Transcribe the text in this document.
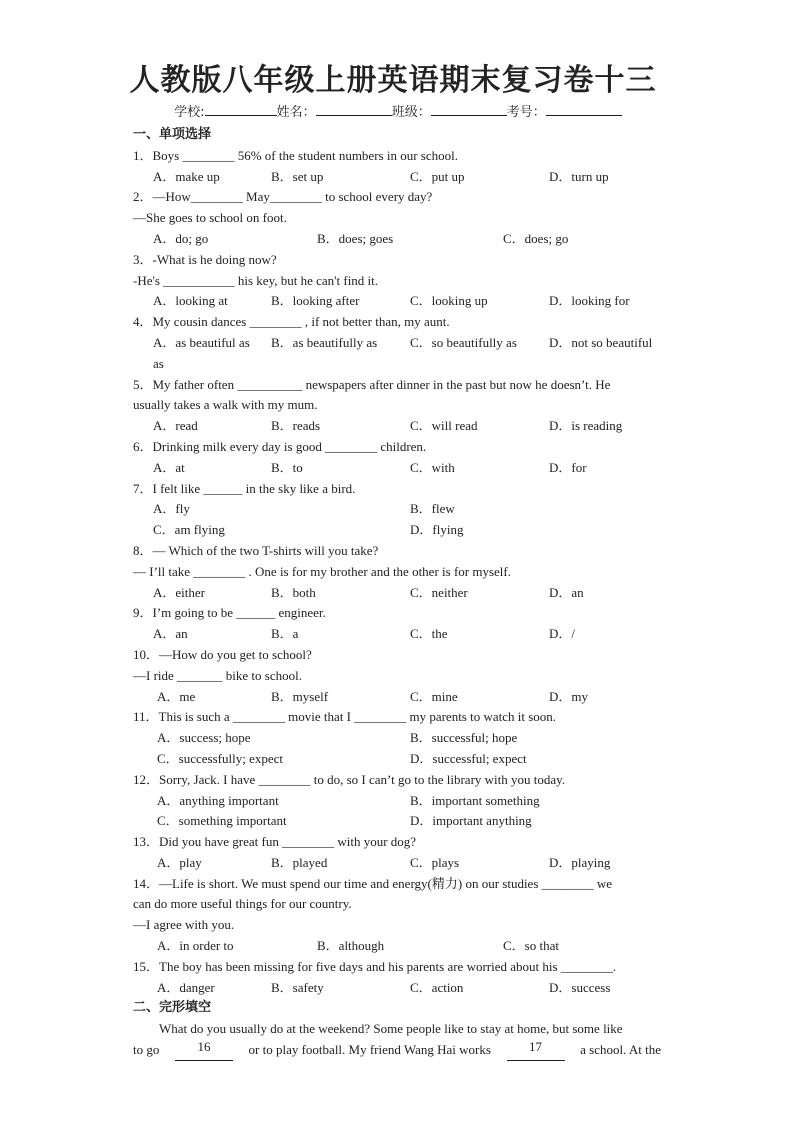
人教版八年级上册英语期末复习卷十三
学校:	姓名：	班级：	考号：
一、单项选择
1．Boys ________ 56% of the student numbers in our school.
A．make up	B．set up	C．put up	D．turn up
2．—How________ May________ to school every day?
—She goes to school on foot.
A．do; go	B．does; goes	C．does; go
3．-What is he doing now?
-He's ___________ his key, but he can't find it.
A．looking at	B．looking after	C．looking up	D．looking for
4．My cousin dances ________ , if not better than, my aunt.
A．as beautiful as	B．as beautifully as	C．so beautifully as	D．not so beautiful
as
5．My father often __________ newspapers after dinner in the past but now he doesn’t. He
usually takes a walk with my mum.
A．read	B．reads	C．will read	D．is reading
6．Drinking milk every day is good ________ children.
A．at	B．to	C．with	D．for
7．I felt like ______ in the sky like a bird.
A．fly	B．flew
C．am flying	D．flying
8．— Which of the two T-shirts will you take?
— I’ll take ________ . One is for my brother and the other is for myself.
A．either	B．both	C．neither	D．an
9．I’m going to be ______ engineer.
A．an	B．a	C．the	D．/
10．—How do you get to school?
—I ride _______ bike to school.
A．me	B．myself	C．mine	D．my
11．This is such a ________ movie that I ________ my parents to watch it soon.
A．success; hope	B．successful; hope
C．successfully; expect	D．successful; expect
12．Sorry, Jack. I have ________ to do, so I can’t go to the library with you today.
A．anything important	B．important something
C．something important	D．important anything
13．Did you have great fun ________ with your dog?
A．play	B．played	C．plays	D．playing
14．—Life is short. We must spend our time and energy(精力) on our studies ________ we
can do more useful things for our country.
—I agree with you.
A．in order to	B．although	C．so that
15．The boy has been missing for five days and his parents are worried about his ________.
A．danger	B．safety	C．action	D．success
二、完形填空
What do you usually do at the weekend? Some people like to stay at home, but some like
to go	16	or to play football. My friend Wang Hai works	17	a school. At the
